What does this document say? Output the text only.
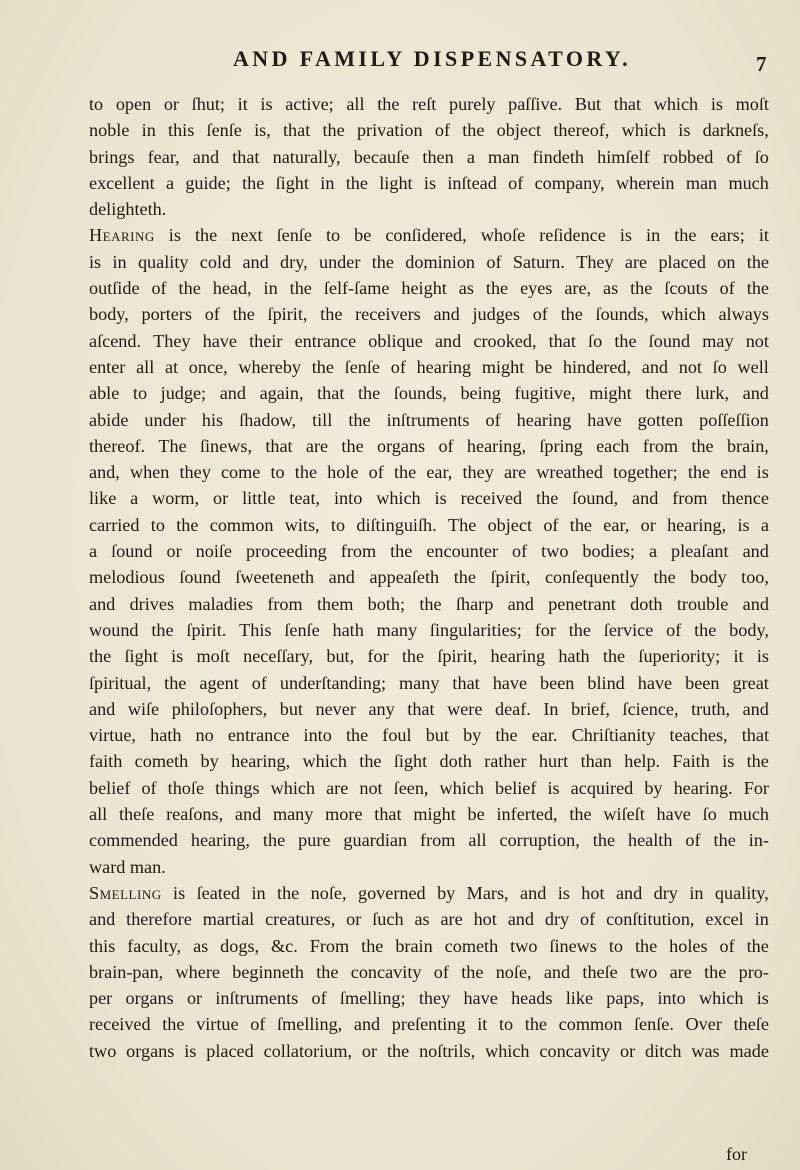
AND FAMILY DISPENSATORY.	7
to open or ſhut; it is active; all the reſt purely paſſive. But that which is moſt
noble in this ſenſe is, that the privation of the object thereof, which is darkneſs,
brings fear, and that naturally, becauſe then a man findeth himſelf robbed of ſo
excellent a guide; the ſight in the light is inſtead of company, wherein man much
delighteth.
Hearing is the next ſenſe to be conſidered, whoſe reſidence is in the ears; it
is in quality cold and dry, under the dominion of Saturn. They are placed on the
outſide of the head, in the ſelf-ſame height as the eyes are, as the ſcouts of the
body, porters of the ſpirit, the receivers and judges of the ſounds, which always
aſcend. They have their entrance oblique and crooked, that ſo the ſound may not
enter all at once, whereby the ſenſe of hearing might be hindered, and not ſo well
able to judge; and again, that the ſounds, being fugitive, might there lurk, and
abide under his ſhadow, till the inſtruments of hearing have gotten poſſeſſion
thereof. The ſinews, that are the organs of hearing, ſpring each from the brain,
and, when they come to the hole of the ear, they are wreathed together; the end is
like a worm, or little teat, into which is received the ſound, and from thence
carried to the common wits, to diſtinguiſh. The object of the ear, or hearing, is a
a ſound or noiſe proceeding from the encounter of two bodies; a pleaſant and
melodious ſound ſweeteneth and appeaſeth the ſpirit, conſequently the body too,
and drives maladies from them both; the ſharp and penetrant doth trouble and
wound the ſpirit. This ſenſe hath many ſingularities; for the ſervice of the body,
the ſight is moſt neceſſary, but, for the ſpirit, hearing hath the ſuperiority; it is
ſpiritual, the agent of underſtanding; many that have been blind have been great
and wiſe philoſophers, but never any that were deaf. In brief, ſcience, truth, and
virtue, hath no entrance into the foul but by the ear. Chriſtianity teaches, that
faith cometh by hearing, which the ſight doth rather hurt than help. Faith is the
belief of thoſe things which are not ſeen, which belief is acquired by hearing. For
all theſe reaſons, and many more that might be inferted, the wiſeſt have ſo much
commended hearing, the pure guardian from all corruption, the health of the in-
ward man.
Smelling is ſeated in the noſe, governed by Mars, and is hot and dry in quality,
and therefore martial creatures, or ſuch as are hot and dry of conſtitution, excel in
this faculty, as dogs, &c. From the brain cometh two ſinews to the holes of the
brain-pan, where beginneth the concavity of the noſe, and theſe two are the pro-
per organs or inſtruments of ſmelling; they have heads like paps, into which is
received the virtue of ſmelling, and preſenting it to the common ſenſe. Over theſe
two organs is placed collatorium, or the noſtrils, which concavity or ditch was made
for
